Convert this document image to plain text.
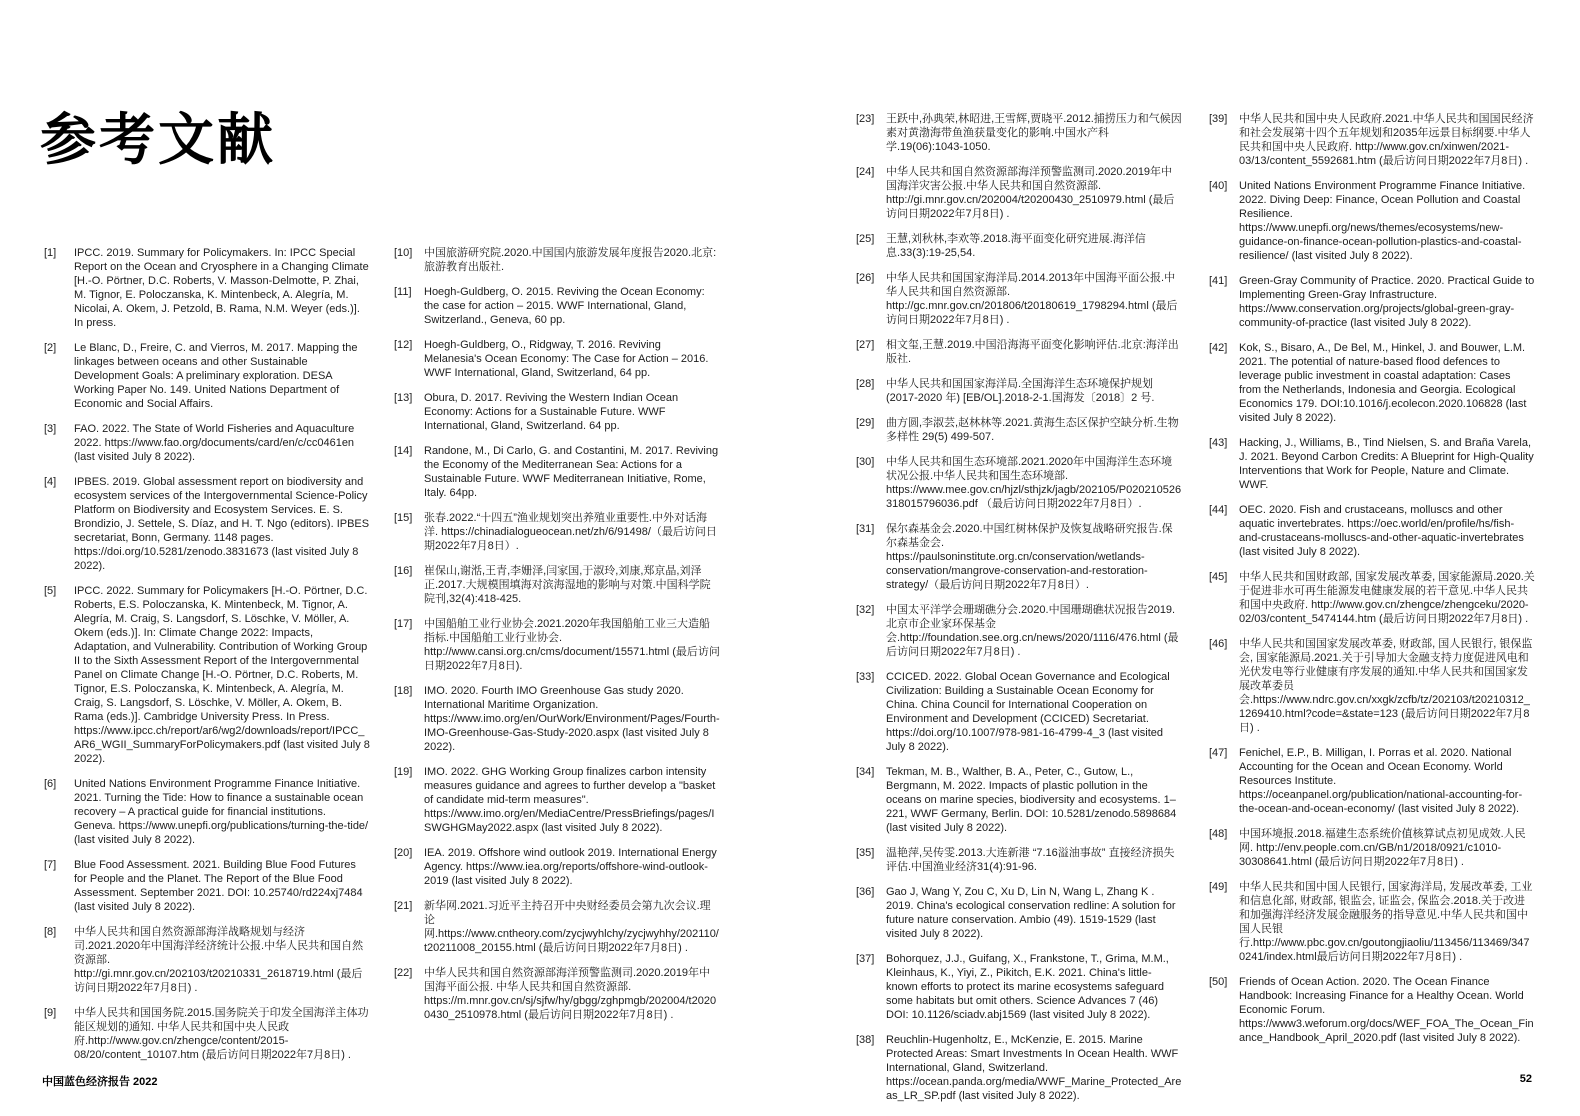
参考文献
[1]	IPCC. 2019. Summary for Policymakers. In: IPCC Special Report on the Ocean and Cryosphere in a Changing Climate [H.-O. Pörtner, D.C. Roberts, V. Masson-Delmotte, P. Zhai, M. Tignor, E. Poloczanska, K. Mintenbeck, A. Alegría, M. Nicolai, A. Okem, J. Petzold, B. Rama, N.M. Weyer (eds.)]. In press.
[2]	Le Blanc, D., Freire, C. and Vierros, M. 2017. Mapping the linkages between oceans and other Sustainable Development Goals: A preliminary exploration. DESA Working Paper No. 149. United Nations Department of Economic and Social Affairs.
[3]	FAO. 2022. The State of World Fisheries and Aquaculture 2022. https://www.fao.org/documents/card/en/c/cc0461en (last visited July 8 2022).
[4]	IPBES. 2019. Global assessment report on biodiversity and ecosystem services of the Intergovernmental Science-Policy Platform on Biodiversity and Ecosystem Services. E. S. Brondizio, J. Settele, S. Díaz, and H. T. Ngo (editors). IPBES secretariat, Bonn, Germany. 1148 pages. https://doi.org/10.5281/zenodo.3831673 (last visited July 8 2022).
[5]	IPCC. 2022. Summary for Policymakers [H.-O. Pörtner, D.C. Roberts, E.S. Poloczanska, K. Mintenbeck, M. Tignor, A. Alegría, M. Craig, S. Langsdorf, S. Löschke, V. Möller, A. Okem (eds.)]. In: Climate Change 2022: Impacts, Adaptation, and Vulnerability. Contribution of Working Group II to the Sixth Assessment Report of the Intergovernmental Panel on Climate Change [H.-O. Pörtner, D.C. Roberts, M. Tignor, E.S. Poloczanska, K. Mintenbeck, A. Alegría, M. Craig, S. Langsdorf, S. Löschke, V. Möller, A. Okem, B. Rama (eds.)]. Cambridge University Press. In Press. https://www.ipcc.ch/report/ar6/wg2/downloads/report/IPCC_AR6_WGII_SummaryForPolicymakers.pdf (last visited July 8 2022).
[6]	United Nations Environment Programme Finance Initiative. 2021. Turning the Tide: How to finance a sustainable ocean recovery – A practical guide for financial institutions. Geneva. https://www.unepfi.org/publications/turning-the-tide/ (last visited July 8 2022).
[7]	Blue Food Assessment. 2021. Building Blue Food Futures for People and the Planet. The Report of the Blue Food Assessment. September 2021. DOI: 10.25740/rd224xj7484 (last visited July 8 2022).
[8]	中华人民共和国自然资源部海洋战略规划与经济司.2021.2020年中国海洋经济统计公报.中华人民共和国自然资源部. http://gi.mnr.gov.cn/202103/t20210331_2618719.html (最后访问日期2022年7月8日) .
[9]	中华人民共和国国务院.2015.国务院关于印发全国海洋主体功能区规划的通知. 中华人民共和国中央人民政府.http://www.gov.cn/zhengce/content/2015-08/20/content_10107.htm (最后访问日期2022年7月8日) .
[10]	中国旅游研究院.2020.中国国内旅游发展年度报告2020.北京:旅游教育出版社.
[11]	Hoegh-Guldberg, O. 2015. Reviving the Ocean Economy: the case for action – 2015. WWF International, Gland, Switzerland., Geneva, 60 pp.
[12]	Hoegh-Guldberg, O., Ridgway, T. 2016. Reviving Melanesia's Ocean Economy: The Case for Action – 2016. WWF International, Gland, Switzerland, 64 pp.
[13]	Obura, D. 2017. Reviving the Western Indian Ocean Economy: Actions for a Sustainable Future. WWF International, Gland, Switzerland. 64 pp.
[14]	Randone, M., Di Carlo, G. and Costantini, M. 2017. Reviving the Economy of the Mediterranean Sea: Actions for a Sustainable Future. WWF Mediterranean Initiative, Rome, Italy. 64pp.
[15]	张春.2022.“十四五”渔业规划突出养殖业重要性.中外对话海洋. https://chinadialogueocean.net/zh/6/91498/（最后访问日期2022年7月8日）.
[16]	崔保山,谢湉,王青,李姗泽,闫家国,于淑玲,刘康,郑京晶,刘泽正.2017.大规模围填海对滨海湿地的影响与对策.中国科学院院刊,32(4):418-425.
[17]	中国船舶工业行业协会.2021.2020年我国船舶工业三大造船指标.中国船舶工业行业协会. http://www.cansi.org.cn/cms/document/15571.html (最后访问日期2022年7月8日).
[18]	IMO. 2020. Fourth IMO Greenhouse Gas study 2020. International Maritime Organization. https://www.imo.org/en/OurWork/Environment/Pages/Fourth-IMO-Greenhouse-Gas-Study-2020.aspx (last visited July 8 2022).
[19]	IMO. 2022. GHG Working Group finalizes carbon intensity measures guidance and agrees to further develop a "basket of candidate mid-term measures". https://www.imo.org/en/MediaCentre/PressBriefings/pages/ISWGHGMay2022.aspx (last visited July 8 2022).
[20]	IEA. 2019. Offshore wind outlook 2019. International Energy Agency. https://www.iea.org/reports/offshore-wind-outlook-2019 (last visited July 8 2022).
[21]	新华网.2021.习近平主持召开中央财经委员会第九次会议.理论网.https://www.cntheory.com/zycjwyhlchy/zycjwyhhy/202110/t20211008_20155.html (最后访问日期2022年7月8日) .
[22]	中华人民共和国自然资源部海洋预警监测司.2020.2019年中国海平面公报. 中华人民共和国自然资源部. https://m.mnr.gov.cn/sj/sjfw/hy/gbgg/zghpmgb/202004/t20200430_2510978.html (最后访问日期2022年7月8日) .
[23]	王跃中,孙典荣,林昭进,王雪辉,贾晓平.2012.捕捞压力和气候因素对黄渤海带鱼渔获量变化的影响.中国水产科学.19(06):1043-1050.
[24]	中华人民共和国自然资源部海洋预警监测司.2020.2019年中国海洋灾害公报.中华人民共和国自然资源部. http://gi.mnr.gov.cn/202004/t20200430_2510979.html (最后访问日期2022年7月8日) .
[25]	王慧,刘秋林,李欢等.2018.海平面变化研究进展.海洋信息.33(3):19-25,54.
[26]	中华人民共和国国家海洋局.2014.2013年中国海平面公报.中华人民共和国自然资源部. http://gc.mnr.gov.cn/201806/t20180619_1798294.html (最后访问日期2022年7月8日) .
[27]	相文玺,王慧.2019.中国沿海海平面变化影响评估.北京:海洋出版社.
[28]	中华人民共和国国家海洋局.全国海洋生态环境保护规划 (2017-2020 年) [EB/OL].2018-2-1.国海发〔2018〕2 号.
[29]	曲方圆,李淑芸,赵林林等.2021.黄海生态区保护空缺分析.生物多样性 29(5) 499-507.
[30]	中华人民共和国生态环境部.2021.2020年中国海洋生态环境状况公报.中华人民共和国生态环境部. https://www.mee.gov.cn/hjzl/sthjzk/jagb/202105/P020210526318015796036.pdf （最后访问日期2022年7月8日）.
[31]	保尔森基金会.2020.中国红树林保护及恢复战略研究报告.保尔森基金会. https://paulsoninstitute.org.cn/conservation/wetlands-conservation/mangrove-conservation-and-restoration-strategy/（最后访问日期2022年7月8日）.
[32]	中国太平洋学会珊瑚礁分会.2020.中国珊瑚礁状况报告2019.北京市企业家环保基金会.http://foundation.see.org.cn/news/2020/1116/476.html (最后访问日期2022年7月8日) .
[33]	CCICED. 2022. Global Ocean Governance and Ecological Civilization: Building a Sustainable Ocean Economy for China. China Council for International Cooperation on Environment and Development (CCICED) Secretariat. https://doi.org/10.1007/978-981-16-4799-4_3 (last visited July 8 2022).
[34]	Tekman, M. B., Walther, B. A., Peter, C., Gutow, L., Bergmann, M. 2022. Impacts of plastic pollution in the oceans on marine species, biodiversity and ecosystems. 1–221, WWF Germany, Berlin. DOI: 10.5281/zenodo.5898684 (last visited July 8 2022).
[35]	温艳萍,吴传雯.2013.大连新港 “7.16溢油事故” 直接经济损失评估.中国渔业经济31(4):91-96.
[36]	Gao J, Wang Y, Zou C, Xu D, Lin N, Wang L, Zhang K . 2019. China's ecological conservation redline: A solution for future nature conservation. Ambio (49). 1519-1529 (last visited July 8 2022).
[37]	Bohorquez, J.J., Guifang, X., Frankstone, T., Grima, M.M., Kleinhaus, K., Yiyi, Z., Pikitch, E.K. 2021. China's little-known efforts to protect its marine ecosystems safeguard some habitats but omit others. Science Advances 7 (46) DOI: 10.1126/sciadv.abj1569 (last visited July 8 2022).
[38]	Reuchlin-Hugenholtz, E., McKenzie, E. 2015. Marine Protected Areas: Smart Investments In Ocean Health. WWF International, Gland, Switzerland. https://ocean.panda.org/media/WWF_Marine_Protected_Areas_LR_SP.pdf (last visited July 8 2022).
[39]	中华人民共和国中央人民政府.2021.中华人民共和国国民经济和社会发展第十四个五年规划和2035年远景目标纲要.中华人民共和国中央人民政府. http://www.gov.cn/xinwen/2021-03/13/content_5592681.htm (最后访问日期2022年7月8日) .
[40]	United Nations Environment Programme Finance Initiative. 2022. Diving Deep: Finance, Ocean Pollution and Coastal Resilience. https://www.unepfi.org/news/themes/ecosystems/new-guidance-on-finance-ocean-pollution-plastics-and-coastal-resilience/ (last visited July 8 2022).
[41]	Green-Gray Community of Practice. 2020. Practical Guide to Implementing Green-Gray Infrastructure. https://www.conservation.org/projects/global-green-gray-community-of-practice (last visited July 8 2022).
[42]	Kok, S., Bisaro, A., De Bel, M., Hinkel, J. and Bouwer, L.M. 2021. The potential of nature-based flood defences to leverage public investment in coastal adaptation: Cases from the Netherlands, Indonesia and Georgia. Ecological Economics 179. DOI:10.1016/j.ecolecon.2020.106828 (last visited July 8 2022).
[43]	Hacking, J., Williams, B., Tind Nielsen, S. and Braña Varela, J. 2021. Beyond Carbon Credits: A Blueprint for High-Quality Interventions that Work for People, Nature and Climate. WWF.
[44]	OEC. 2020. Fish and crustaceans, molluscs and other aquatic invertebrates. https://oec.world/en/profile/hs/fish-and-crustaceans-molluscs-and-other-aquatic-invertebrates (last visited July 8 2022).
[45]	中华人民共和国财政部, 国家发展改革委, 国家能源局.2020.关于促进非水可再生能源发电健康发展的若干意见.中华人民共和国中央政府. http://www.gov.cn/zhengce/zhengceku/2020-02/03/content_5474144.htm (最后访问日期2022年7月8日) .
[46]	中华人民共和国国家发展改革委, 财政部, 国人民银行, 银保监会, 国家能源局.2021.关于引导加大金融支持力度促进风电和光伏发电等行业健康有序发展的通知.中华人民共和国国家发展改革委员会.https://www.ndrc.gov.cn/xxgk/zcfb/tz/202103/t20210312_1269410.html?code=&state=123 (最后访问日期2022年7月8日) .
[47]	Fenichel, E.P., B. Milligan, I. Porras et al. 2020. National Accounting for the Ocean and Ocean Economy. World Resources Institute. https://oceanpanel.org/publication/national-accounting-for-the-ocean-and-ocean-economy/ (last visited July 8 2022).
[48]	中国环境报.2018.福建生态系统价值核算试点初见成效.人民网. http://env.people.com.cn/GB/n1/2018/0921/c1010-30308641.html (最后访问日期2022年7月8日) .
[49]	中华人民共和国中国人民银行, 国家海洋局, 发展改革委, 工业和信息化部, 财政部, 银监会, 证监会, 保监会.2018.关于改进和加强海洋经济发展金融服务的指导意见.中华人民共和国中国人民银行.http://www.pbc.gov.cn/goutongjiaoliu/113456/113469/3470241/index.html最后访问日期2022年7月8日) .
[50]	Friends of Ocean Action. 2020. The Ocean Finance Handbook: Increasing Finance for a Healthy Ocean. World Economic Forum. https://www3.weforum.org/docs/WEF_FOA_The_Ocean_Finance_Handbook_April_2020.pdf (last visited July 8 2022).
中国蓝色经济报告 2022	52
